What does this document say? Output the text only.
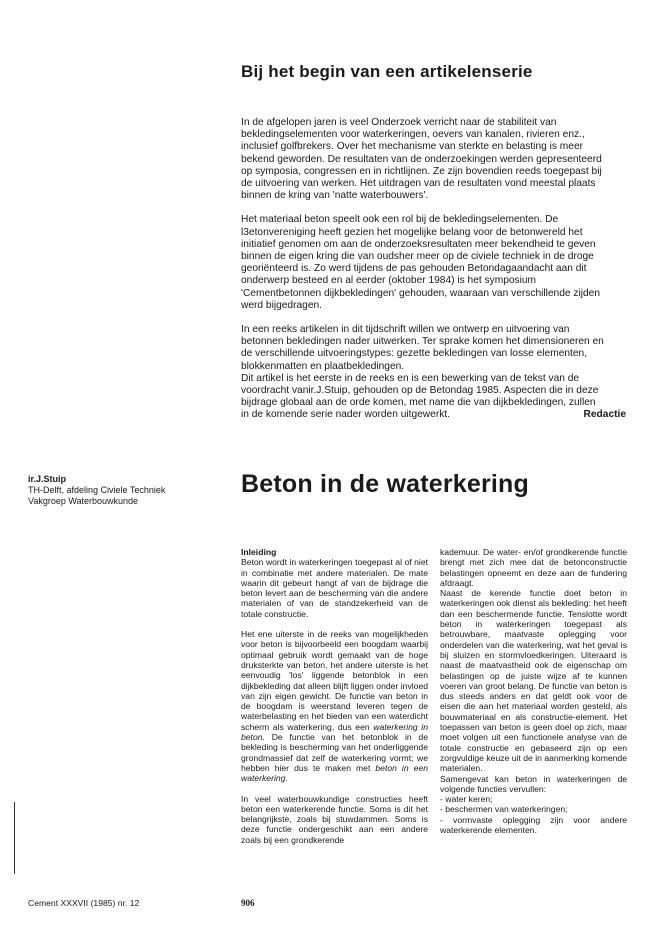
Bij het begin van een artikelenserie

In de afgelopen jaren is veel Onderzoek verricht naar de stabiliteit van
bekledingselementen voor waterkeringen, oevers van kanalen, rivieren enz.,
inclusief golfbrekers. Over het mechanisme van sterkte en belasting is meer
bekend geworden. De resultaten van de onderzoekingen werden gepresenteerd
op symposia, congressen en in richtlijnen. Ze zijn bovendien reeds toegepast bij
de uitvoering van werken. Het uitdragen van de resultaten vond meestal plaats
binnen de kring van 'natte waterbouwers'.

Het materiaal beton speelt ook een rol bij de bekledingselementen. De
l3etonvereniging heeft gezien het mogelijke belang voor de betonwereld het
initiatief genomen om aan de onderzoeksresultaten meer bekendheid te geven
binnen de eigen kring die van oudsher meer op de civiele techniek in de droge
georiënteerd is. Zo werd tijdens de pas gehouden Betondagaandacht aan dit
onderwerp besteed en al eerder (oktober 1984) is het symposium
'Cementbetonnen dijkbekledingen' gehouden, waaraan van verschillende zijden
werd bijgedragen.

In een reeks artikelen in dit tijdschrift willen we ontwerp en uitvoering van
betonnen bekledingen nader uitwerken. Ter sprake komen het dimensioneren en
de verschillende uitvoeringstypes: gezette bekledingen van losse elementen,
blokkenmatten en plaatbekledingen.
Dit artikel is het eerste in de reeks en is een bewerking van de tekst van de
voordracht vanir.J.Stuip, gehouden op de Betondag 1985. Aspecten die in deze
bijdrage globaal aan de orde komen, met name die van dijkbekledingen, zullen
in de komende serie nader worden uitgewerkt.	Redactie
ir.J.Stuip
TH-Delft, afdeling Civiele Techniek
Vakgroep Waterbouwkunde
Beton in de waterkering

Inleiding
Beton wordt in waterkeringen toegepast al of niet in combinatie met andere materialen. De mate waarin dit gebeurt hangt af van de bijdrage die beton levert aan de bescherming van die andere materialen of van de standzekerheid van de totale constructie.

Het ene uiterste in de reeks van mogelijkheden voor beton is bijvoorbeeld een boogdam waarbij optimaal gebruik wordt gemaakt van de hoge druksterkte van beton, het andere uiterste is het eenvoudig 'los' liggende betonblok in een dijkbekleding dat alleen blijft liggen onder invloed van zijn eigen gewicht. De functie van beton in de boogdam is weerstand leveren tegen de waterbelasting en het bieden van een waterdicht scherm als waterkering, dus een waterkering in beton. De functie van het betonblok in de bekleding is bescherming van het onderliggende grondmassief dat zelf de waterkering vormt; we hebben hier dus te maken met beton in een waterkering.

In veel waterbouwkundige constructies heeft beton een waterkerende functie. Soms is dit het belangrijkste, zoals bij stuwdammen. Soms is deze functie ondergeschikt aan een andere zoals bij een grondkerende

kademuur. De water- en/of grondkerende functie brengt met zich mee dat de betonconstructie belastingen opneemt en deze aan de fundering afdraagt.
Naast de kerende functie doet beton in waterkeringen ook dienst als bekleding: het heeft dan een beschermende functie. Tenslotte wordt beton in waterkeringen toegepast als betrouwbare, maatvaste oplegging voor onderdelen van die waterkering, wat het geval is bij sluizen en stormvloedkeringen. Uiteraard is naast de maatvastheid ook de eigenschap om belastingen op de juiste wijze af te kunnen voeren van groot belang. De functie van beton is dus steeds anders en dat geldt ook voor de eisen die aan het materiaal worden gesteld, als bouwmateriaal en als constructie-element. Het toepassen van beton is geen doel op zich, maar moet volgen uit een functionele analyse van de totale constructie en gebaseerd zijn op een zorgvuldige keuze uit de in aanmerking komende materialen.
Samengevat kan beton in waterkeringen de volgende functies vervullen:
- water keren;
- beschermen van waterkeringen;
- vormvaste oplegging zijn voor andere waterkerende elementen.
Cement XXXVII (1985) nr. 12	906
